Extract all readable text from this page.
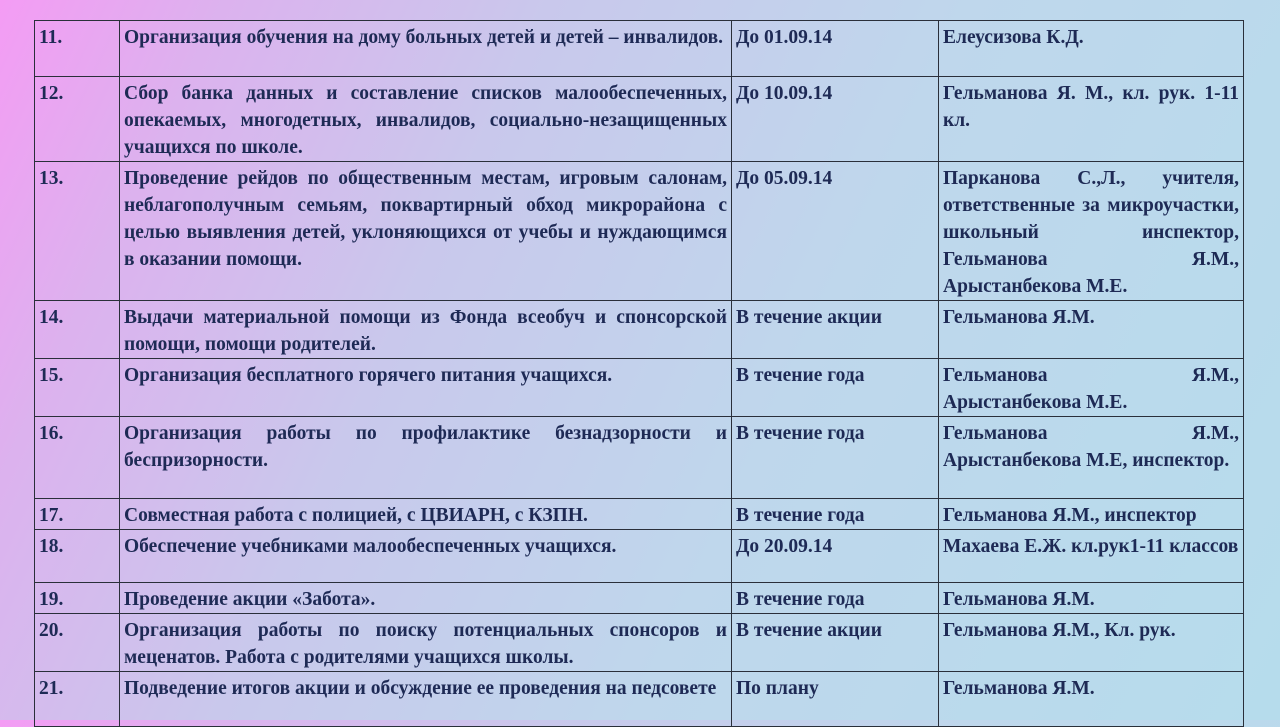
11.	Организация обучения на дому больных детей и детей – инвалидов.	До 01.09.14	Елеусизова К.Д.
12.	Сбор банка данных и составление списков малообеспеченных, опекаемых, многодетных, инвалидов, социально-незащищенных учащихся по школе.	До 10.09.14	Гельманова Я. М., кл. рук. 1-11 кл.
13.	Проведение рейдов по общественным местам, игровым салонам, неблагополучным семьям, поквартирный обход микрорайона с целью выявления детей, уклоняющихся от учебы и нуждающимся в оказании помощи.	До 05.09.14	Парканова С.,Л., учителя, ответственные за микроучастки, школьный инспектор, Гельманова Я.М., Арыстанбекова М.Е.
14.	Выдачи материальной помощи из Фонда всеобуч и спонсорской помощи, помощи родителей.	В течение акции	Гельманова Я.М.
15.	Организация бесплатного горячего питания учащихся.	В течение года	Гельманова Я.М., Арыстанбекова М.Е.
16.	Организация работы по профилактике безнадзорности и беспризорности.	В течение года	Гельманова Я.М., Арыстанбекова М.Е, инспектор.
17.	Совместная работа с полицией, с ЦВИАРН, с КЗПН.	В течение года	Гельманова Я.М., инспектор
18.	Обеспечение учебниками малообеспеченных учащихся.	До 20.09.14	Махаева Е.Ж. кл.рук1-11 классов
19.	Проведение акции «Забота».	В течение года	Гельманова Я.М.
20.	Организация работы по поиску потенциальных спонсоров и меценатов. Работа с родителями учащихся школы.	В течение акции	Гельманова Я.М., Кл. рук.
21.	Подведение итогов акции и обсуждение ее проведения на педсовете	По плану	Гельманова Я.М.
